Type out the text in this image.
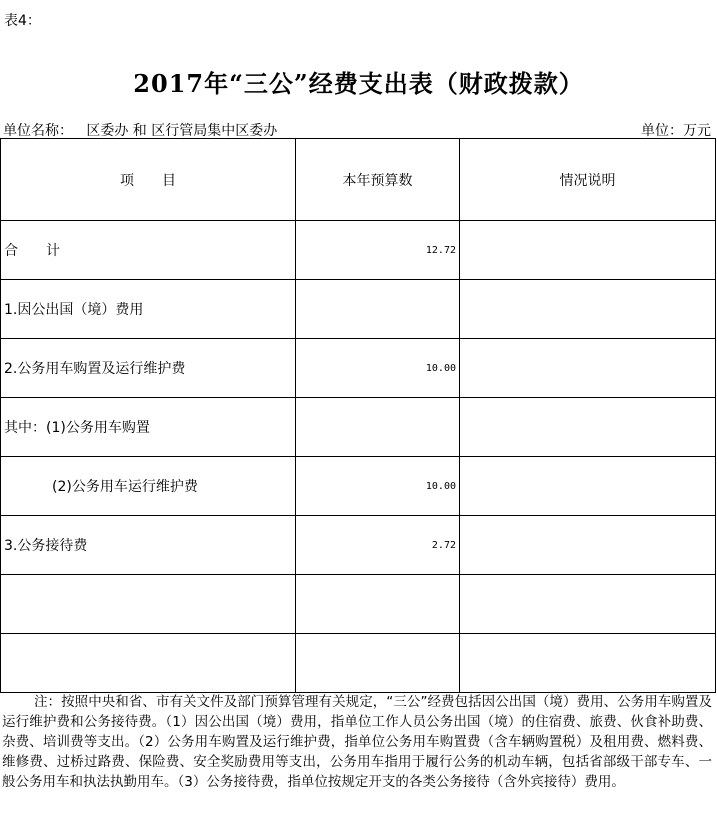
表4：
2017年“三公”经费支出表（财政拨款）
单位名称：   区委办 和 区行管局集中区委办	单位：万元
项　　目	本年预算数	情况说明
合　　计	12.72	
1.因公出国（境）费用		
2.公务用车购置及运行维护费	10.00	
其中：(1)公务用车购置		
(2)公务用车运行维护费	10.00	
3.公务接待费	2.72	

注：按照中央和省、市有关文件及部门预算管理有关规定，“三公”经费包括因公出国（境）费用、公务用车购置及运行维护费和公务接待费。（1）因公出国（境）费用，指单位工作人员公务出国（境）的住宿费、旅费、伙食补助费、杂费、培训费等支出。（2）公务用车购置及运行维护费，指单位公务用车购置费（含车辆购置税）及租用费、燃料费、维修费、过桥过路费、保险费、安全奖励费用等支出，公务用车指用于履行公务的机动车辆，包括省部级干部专车、一般公务用车和执法执勤用车。（3）公务接待费，指单位按规定开支的各类公务接待（含外宾接待）费用。
